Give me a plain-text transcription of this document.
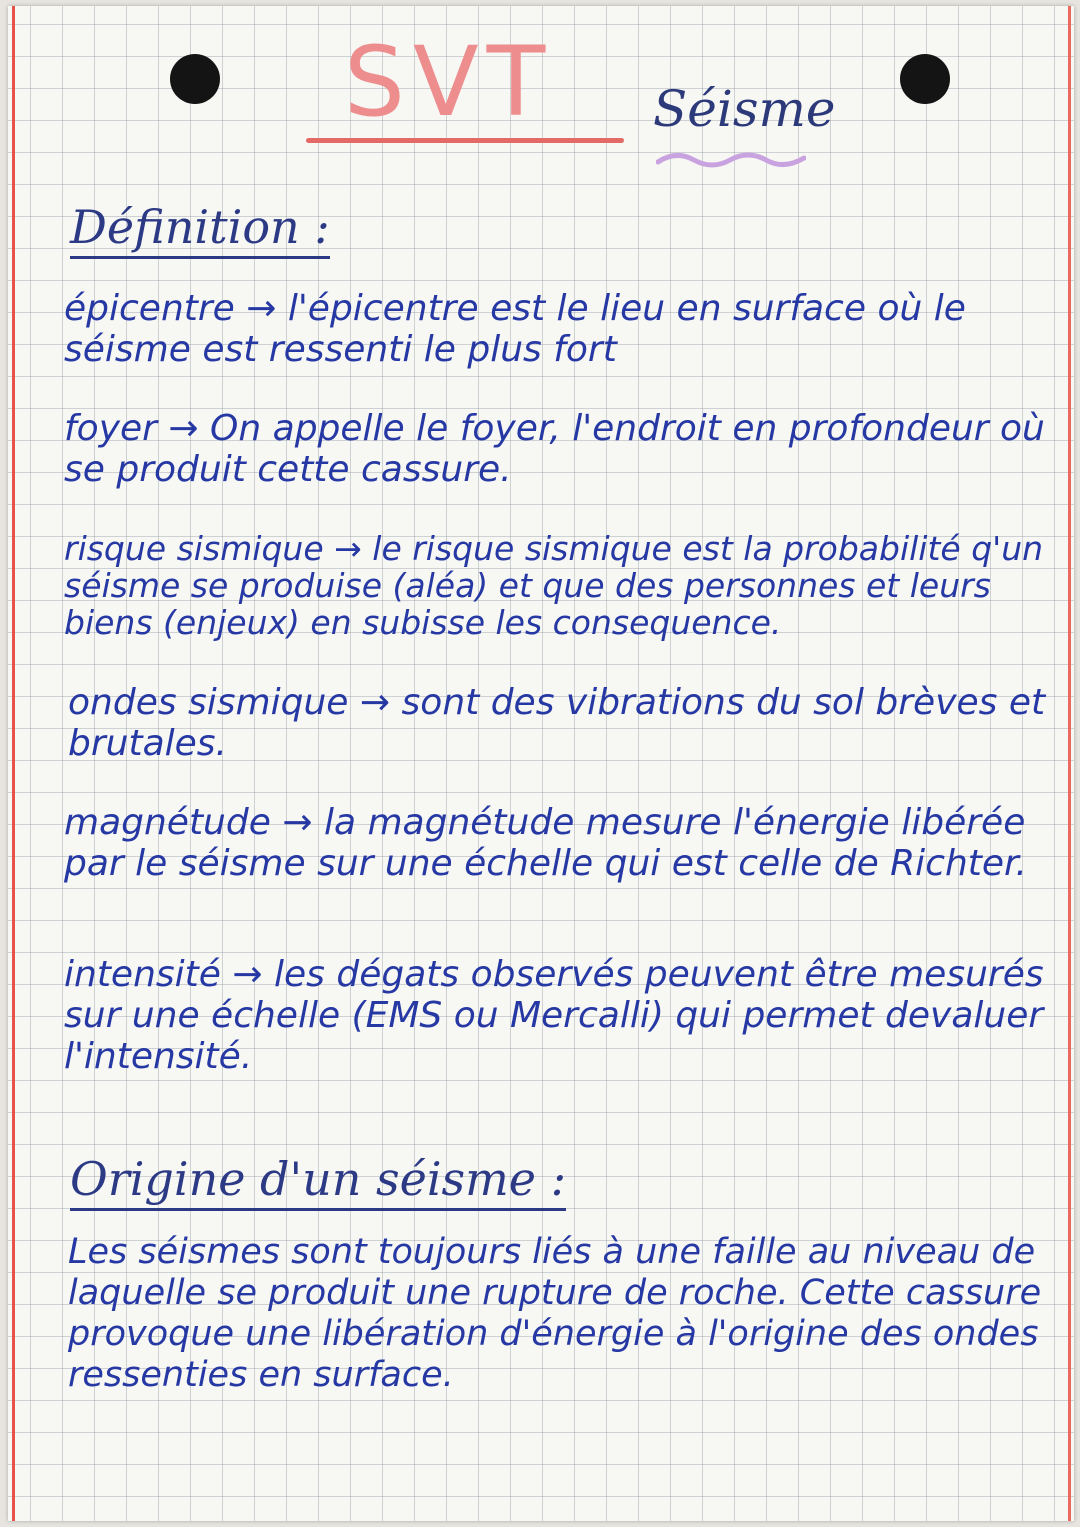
SVT Séisme
Définition :

épicentre → l'épicentre est le lieu en surface où le séisme est ressenti le plus fort

foyer → On appelle le foyer, l'endroit en profondeur où se produit cette cassure.

risque sismique → le risque sismique est la probabilité q'un séisme se produise (aléa) et que des personnes et leurs biens (enjeux) en subisse les consequence.

ondes sismique → sont des vibrations du sol brèves et brutales.

magnétude → la magnétude mesure l'énergie libérée par le séisme sur une échelle qui est celle de Richter.

intensité → les dégats observés peuvent être mesurés sur une échelle (EMS ou Mercalli) qui permet devaluer l'intensité.

Origine d'un séisme :

Les séismes sont toujours liés à une faille au niveau de laquelle se produit une rupture de roche. Cette cassure provoque une libération d'énergie à l'origine des ondes ressenties en surface.
